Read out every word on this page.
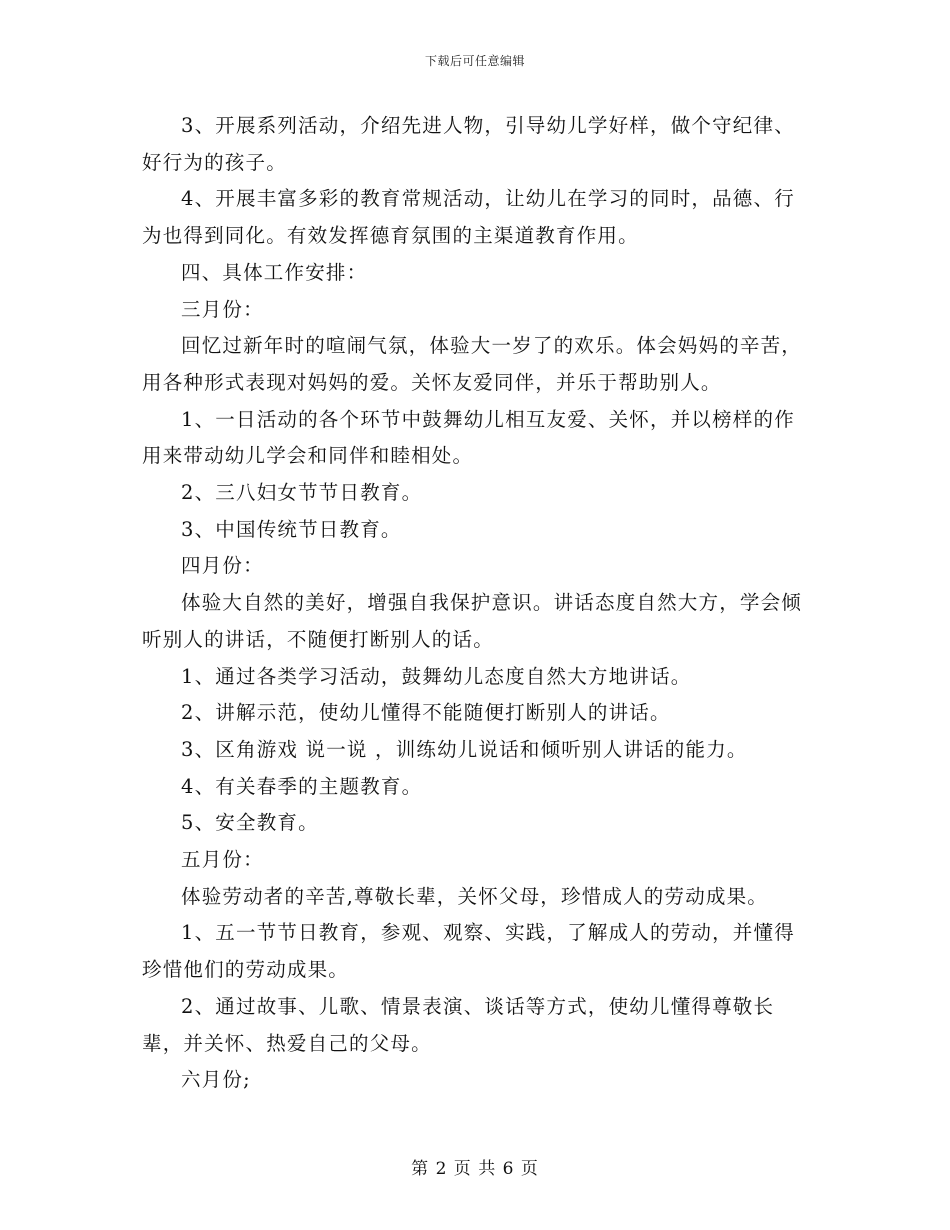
下载后可任意编辑

3、开展系列活动，介绍先进人物，引导幼儿学好样，做个守纪律、好行为的孩子。

4、开展丰富多彩的教育常规活动，让幼儿在学习的同时，品德、行为也得到同化。有效发挥德育氛围的主渠道教育作用。

四、具体工作安排：

三月份：

回忆过新年时的喧闹气氛，体验大一岁了的欢乐。体会妈妈的辛苦，用各种形式表现对妈妈的爱。关怀友爱同伴，并乐于帮助别人。

1、一日活动的各个环节中鼓舞幼儿相互友爱、关怀，并以榜样的作用来带动幼儿学会和同伴和睦相处。

2、三八妇女节节日教育。

3、中国传统节日教育。

四月份：

体验大自然的美好，增强自我保护意识。讲话态度自然大方，学会倾听别人的讲话，不随便打断别人的话。

1、通过各类学习活动，鼓舞幼儿态度自然大方地讲话。

2、讲解示范，使幼儿懂得不能随便打断别人的讲话。

3、区角游戏 说一说 ，训练幼儿说话和倾听别人讲话的能力。

4、有关春季的主题教育。

5、安全教育。

五月份：

体验劳动者的辛苦,尊敬长辈，关怀父母，珍惜成人的劳动成果。

1、五一节节日教育，参观、观察、实践，了解成人的劳动，并懂得珍惜他们的劳动成果。

2、通过故事、儿歌、情景表演、谈话等方式，使幼儿懂得尊敬长辈，并关怀、热爱自己的父母。

六月份;

第 2 页 共 6 页
